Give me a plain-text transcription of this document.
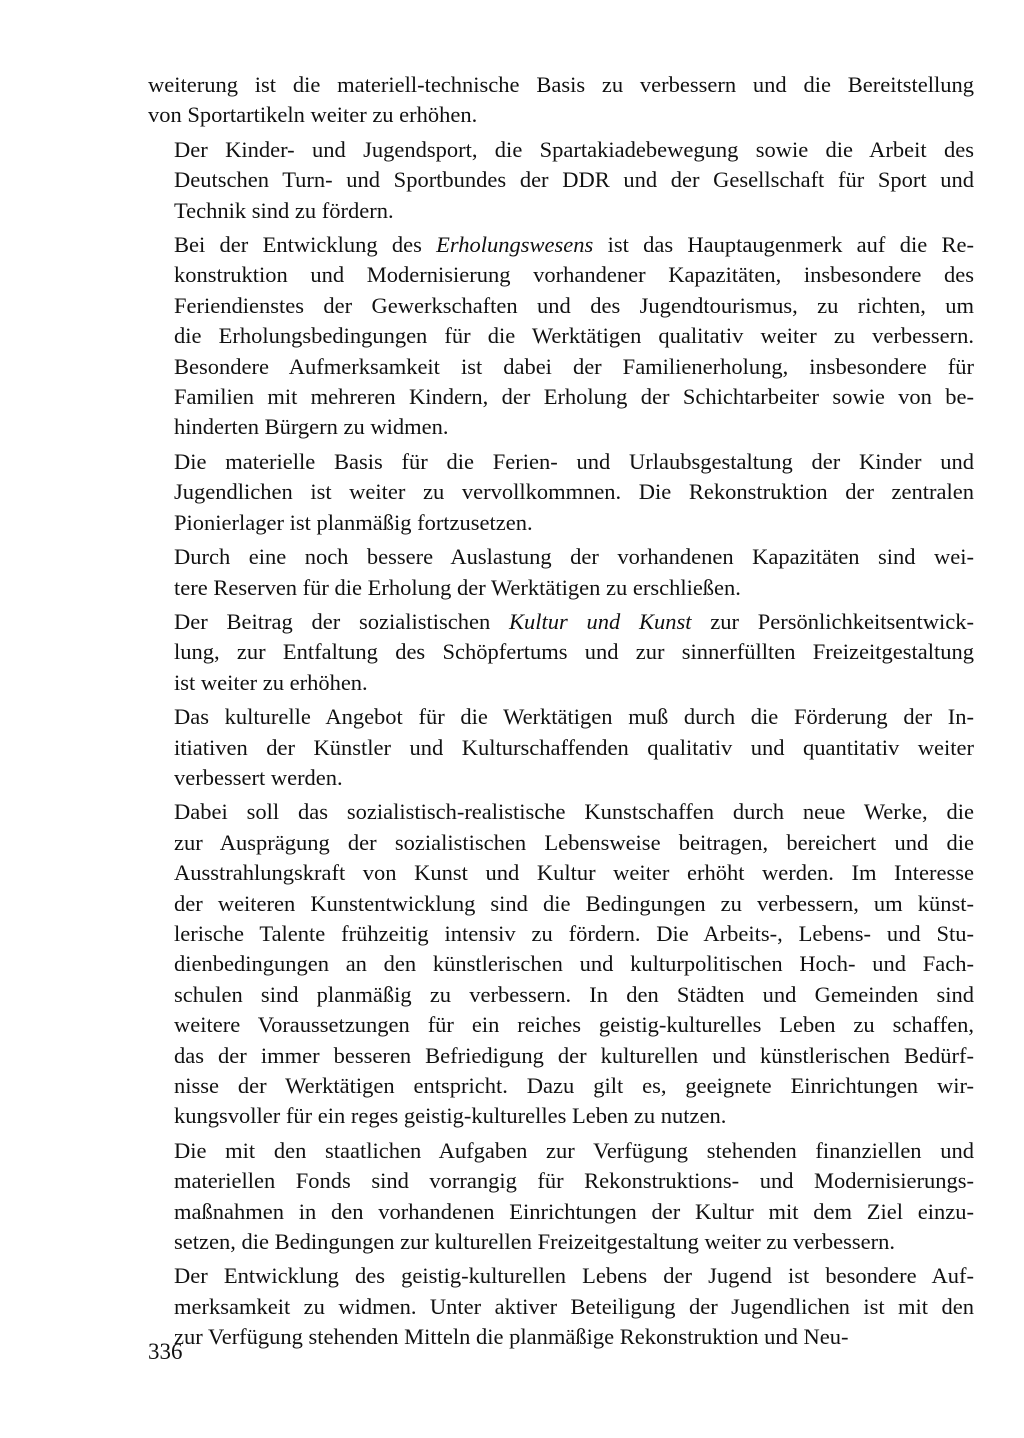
weiterung ist die materiell-technische Basis zu verbessern und die Bereitstellung
von Sportartikeln weiter zu erhöhen.

Der Kinder- und Jugendsport, die Spartakiadebewegung sowie die Arbeit des
Deutschen Turn- und Sportbundes der DDR und der Gesellschaft für Sport und
Technik sind zu fördern.

Bei der Entwicklung des Erholungswesens ist das Hauptaugenmerk auf die Re-
konstruktion und Modernisierung vorhandener Kapazitäten, insbesondere des
Feriendienstes der Gewerkschaften und des Jugendtourismus, zu richten, um
die Erholungsbedingungen für die Werktätigen qualitativ weiter zu verbessern.
Besondere Aufmerksamkeit ist dabei der Familienerholung, insbesondere für
Familien mit mehreren Kindern, der Erholung der Schichtarbeiter sowie von be-
hinderten Bürgern zu widmen.

Die materielle Basis für die Ferien- und Urlaubsgestaltung der Kinder und
Jugendlichen ist weiter zu vervollkommnen. Die Rekonstruktion der zentralen
Pionierlager ist planmäßig fortzusetzen.

Durch eine noch bessere Auslastung der vorhandenen Kapazitäten sind wei-
tere Reserven für die Erholung der Werktätigen zu erschließen.

Der Beitrag der sozialistischen Kultur und Kunst zur Persönlichkeitsentwick-
lung, zur Entfaltung des Schöpfertums und zur sinnerfüllten Freizeitgestaltung
ist weiter zu erhöhen.

Das kulturelle Angebot für die Werktätigen muß durch die Förderung der In-
itiativen der Künstler und Kulturschaffenden qualitativ und quantitativ weiter
verbessert werden.

Dabei soll das sozialistisch-realistische Kunstschaffen durch neue Werke, die
zur Ausprägung der sozialistischen Lebensweise beitragen, bereichert und die
Ausstrahlungskraft von Kunst und Kultur weiter erhöht werden. Im Interesse
der weiteren Kunstentwicklung sind die Bedingungen zu verbessern, um künst-
lerische Talente frühzeitig intensiv zu fördern. Die Arbeits-, Lebens- und Stu-
dienbedingungen an den künstlerischen und kulturpolitischen Hoch- und Fach-
schulen sind planmäßig zu verbessern. In den Städten und Gemeinden sind
weitere Voraussetzungen für ein reiches geistig-kulturelles Leben zu schaffen,
das der immer besseren Befriedigung der kulturellen und künstlerischen Bedürf-
nisse der Werktätigen entspricht. Dazu gilt es, geeignete Einrichtungen wir-
kungsvoller für ein reges geistig-kulturelles Leben zu nutzen.

Die mit den staatlichen Aufgaben zur Verfügung stehenden finanziellen und
materiellen Fonds sind vorrangig für Rekonstruktions- und Modernisierungs-
maßnahmen in den vorhandenen Einrichtungen der Kultur mit dem Ziel einzu-
setzen, die Bedingungen zur kulturellen Freizeitgestaltung weiter zu verbessern.

Der Entwicklung des geistig-kulturellen Lebens der Jugend ist besondere Auf-
merksamkeit zu widmen. Unter aktiver Beteiligung der Jugendlichen ist mit den
zur Verfügung stehenden Mitteln die planmäßige Rekonstruktion und Neu-

336
